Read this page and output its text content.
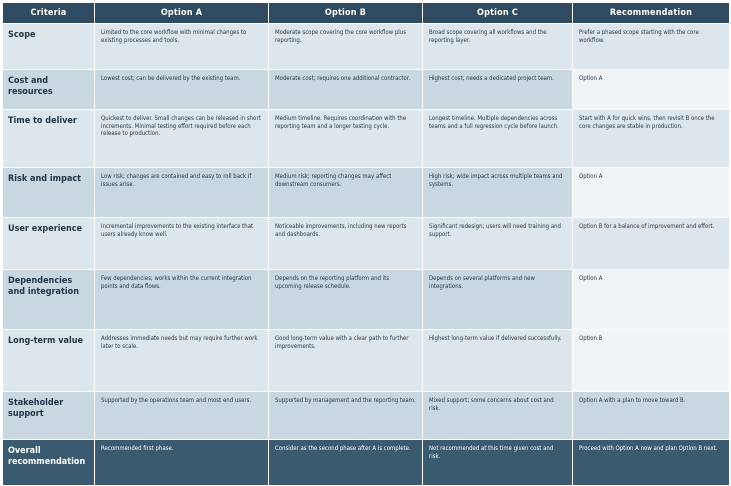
Criteria	Option A	Option B	Option C	Recommendation
Scope	Limited to the core workflow with minimal changes to existing processes and tools.	Moderate scope covering the core workflow plus reporting.	Broad scope covering all workflows and the reporting layer.	Prefer a phased scope starting with the core workflow.
Cost and resources	Lowest cost; can be delivered by the existing team.	Moderate cost; requires one additional contractor.	Highest cost; needs a dedicated project team.	Option A
Time to deliver	Quickest to deliver. Small changes can be released in short increments. Minimal testing effort required before each release to production.	Medium timeline. Requires coordination with the reporting team and a longer testing cycle.	Longest timeline. Multiple dependencies across teams and a full regression cycle before launch.	Start with A for quick wins, then revisit B once the core changes are stable in production.
Risk and impact	Low risk; changes are contained and easy to roll back if issues arise.	Medium risk; reporting changes may affect downstream consumers.	High risk; wide impact across multiple teams and systems.	Option A
User experience	Incremental improvements to the existing interface that users already know well.	Noticeable improvements, including new reports and dashboards.	Significant redesign; users will need training and support.	Option B for a balance of improvement and effort.
Dependencies and integration	Few dependencies; works within the current integration points and data flows.	Depends on the reporting platform and its upcoming release schedule.	Depends on several platforms and new integrations.	Option A
Long-term value	Addresses immediate needs but may require further work later to scale.	Good long-term value with a clear path to further improvements.	Highest long-term value if delivered successfully.	Option B
Stakeholder support	Supported by the operations team and most end users.	Supported by management and the reporting team.	Mixed support; some concerns about cost and risk.	Option A with a plan to move toward B.
Overall recommendation	Recommended first phase.	Consider as the second phase after A is complete.	Not recommended at this time given cost and risk.	Proceed with Option A now and plan Option B next.
